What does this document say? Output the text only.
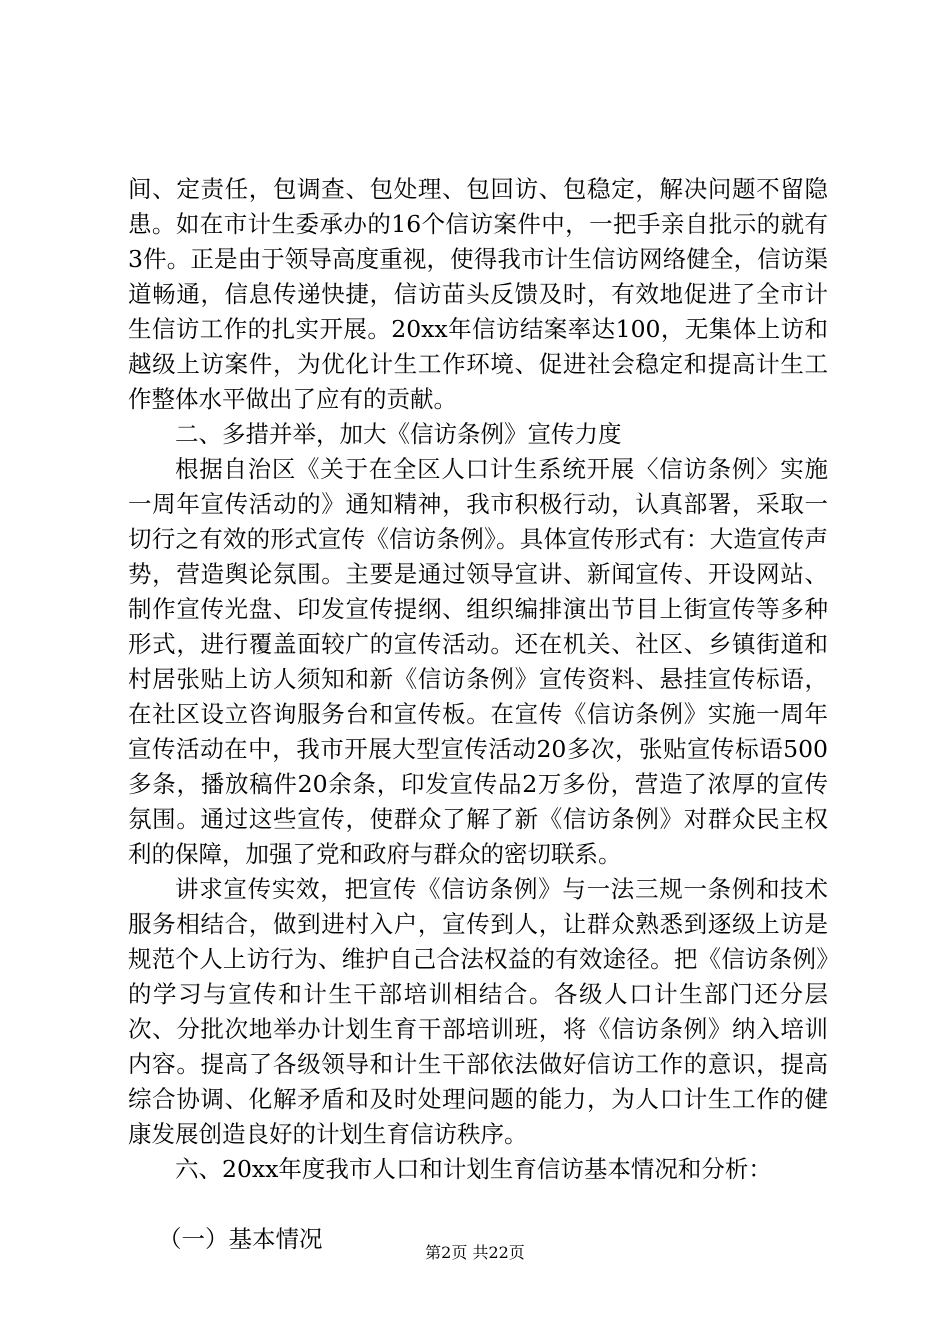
间、定责任，包调查、包处理、包回访、包稳定，解决问题不留隐患。如在市计生委承办的16个信访案件中，一把手亲自批示的就有3件。正是由于领导高度重视，使得我市计生信访网络健全，信访渠道畅通，信息传递快捷，信访苗头反馈及时，有效地促进了全市计生信访工作的扎实开展。20xx年信访结案率达100，无集体上访和越级上访案件，为优化计生工作环境、促进社会稳定和提高计生工作整体水平做出了应有的贡献。

二、多措并举，加大《信访条例》宣传力度

根据自治区《关于在全区人口计生系统开展〈信访条例〉实施一周年宣传活动的》通知精神，我市积极行动，认真部署，采取一切行之有效的形式宣传《信访条例》。具体宣传形式有：大造宣传声势，营造舆论氛围。主要是通过领导宣讲、新闻宣传、开设网站、制作宣传光盘、印发宣传提纲、组织编排演出节目上街宣传等多种形式，进行覆盖面较广的宣传活动。还在机关、社区、乡镇街道和村居张贴上访人须知和新《信访条例》宣传资料、悬挂宣传标语，在社区设立咨询服务台和宣传板。在宣传《信访条例》实施一周年宣传活动在中，我市开展大型宣传活动20多次，张贴宣传标语500多条，播放稿件20余条，印发宣传品2万多份，营造了浓厚的宣传氛围。通过这些宣传，使群众了解了新《信访条例》对群众民主权利的保障，加强了党和政府与群众的密切联系。

讲求宣传实效，把宣传《信访条例》与一法三规一条例和技术服务相结合，做到进村入户，宣传到人，让群众熟悉到逐级上访是规范个人上访行为、维护自己合法权益的有效途径。把《信访条例》的学习与宣传和计生干部培训相结合。各级人口计生部门还分层次、分批次地举办计划生育干部培训班，将《信访条例》纳入培训内容。提高了各级领导和计生干部依法做好信访工作的意识，提高综合协调、化解矛盾和及时处理问题的能力，为人口计生工作的健康发展创造良好的计划生育信访秩序。

六、20xx年度我市人口和计划生育信访基本情况和分析：

（一）基本情况	第2页 共22页
